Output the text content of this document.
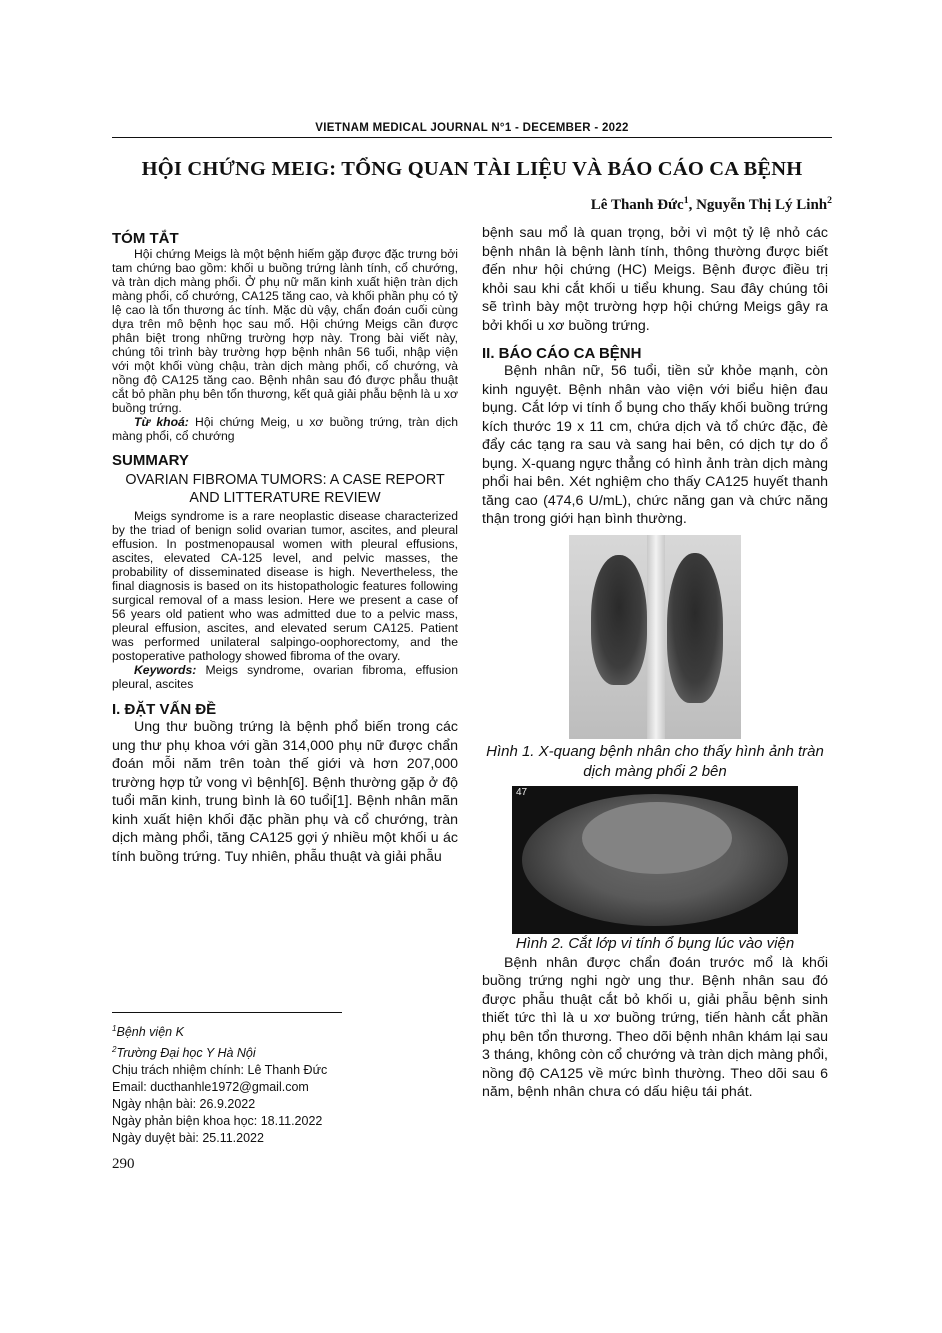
VIETNAM MEDICAL JOURNAL N°1 - DECEMBER - 2022
HỘI CHỨNG MEIG: TỔNG QUAN TÀI LIỆU VÀ BÁO CÁO CA BỆNH
Lê Thanh Đức$^1$, Nguyễn Thị Lý Linh$^2$
TÓM TẮT

Hội chứng Meigs là một bệnh hiếm gặp được đặc trưng bởi tam chứng bao gồm: khối u buồng trứng lành tính, cổ chướng, và tràn dịch màng phổi. Ở phụ nữ mãn kinh xuất hiện tràn dịch màng phổi, cổ chướng, CA125 tăng cao, và khối phần phụ có tỷ lệ cao là tổn thương ác tính. Mặc dù vậy, chẩn đoán cuối cùng dựa trên mô bệnh học sau mổ. Hội chứng Meigs cần được phân biệt trong những trường hợp này. Trong bài viết này, chúng tôi trình bày trường hợp bệnh nhân 56 tuổi, nhập viện với một khối vùng chậu, tràn dịch màng phổi, cổ chướng, và nồng độ CA125 tăng cao. Bệnh nhân sau đó được phẫu thuật cắt bỏ phần phụ bên tổn thương, kết quả giải phẫu bệnh là u xơ buồng trứng.

Từ khoá: Hội chứng Meig, u xơ buồng trứng, tràn dịch màng phổi, cổ chướng

SUMMARY

OVARIAN FIBROMA TUMORS: A CASE REPORT AND LITTERATURE REVIEW

Meigs syndrome is a rare neoplastic disease characterized by the triad of benign solid ovarian tumor, ascites, and pleural effusion. In postmenopausal women with pleural effusions, ascites, elevated CA-125 level, and pelvic masses, the probability of disseminated disease is high. Nevertheless, the final diagnosis is based on its histopathologic features following surgical removal of a mass lesion. Here we present a case of 56 years old patient who was admitted due to a pelvic mass, pleural effusion, ascites, and elevated serum CA125. Patient was performed unilateral salpingo-oophorectomy, and the postoperative pathology showed fibroma of the ovary.

Keywords: Meigs syndrome, ovarian fibroma, effusion pleural, ascites

I. ĐẶT VẤN ĐỀ

Ung thư buồng trứng là bệnh phổ biến trong các ung thư phụ khoa với gần 314,000 phụ nữ được chẩn đoán mỗi năm trên toàn thế giới và hơn 207,000 trường hợp tử vong vì bệnh[6]. Bệnh thường gặp ở độ tuổi mãn kinh, trung bình là 60 tuổi[1]. Bệnh nhân mãn kinh xuất hiện khối đặc phần phụ và cổ chướng, tràn dịch màng phổi, tăng CA125 gợi ý nhiều một khối u ác tính buồng trứng. Tuy nhiên, phẫu thuật và giải phẫu

$^1$Bệnh viện K
$^2$Trường Đại học Y Hà Nội
Chịu trách nhiệm chính: Lê Thanh Đức
Email: ducthanhle1972@gmail.com
Ngày nhận bài: 26.9.2022
Ngày phản biện khoa học: 18.11.2022
Ngày duyệt bài: 25.11.2022
290

bệnh sau mổ là quan trọng, bởi vì một tỷ lệ nhỏ các bệnh nhân là bệnh lành tính, thông thường được biết đến như hội chứng (HC) Meigs. Bệnh được điều trị khỏi sau khi cắt khối u tiểu khung. Sau đây chúng tôi sẽ trình bày một trường hợp hội chứng Meigs gây ra bởi khối u xơ buồng trứng.

II. BÁO CÁO CA BỆNH

Bệnh nhân nữ, 56 tuổi, tiền sử khỏe mạnh, còn kinh nguyệt. Bệnh nhân vào viện với biểu hiện đau bụng. Cắt lớp vi tính ổ bụng cho thấy khối buồng trứng kích thước 19 x 11 cm, chứa dịch và tổ chức đặc, đè đẩy các tạng ra sau và sang hai bên, có dịch tự do ổ bụng. X-quang ngực thẳng có hình ảnh tràn dịch màng phổi hai bên. Xét nghiệm cho thấy CA125 huyết thanh tăng cao (474,6 U/mL), chức năng gan và chức năng thận trong giới hạn bình thường.

Hình 1. X-quang bệnh nhân cho thấy hình ảnh tràn dịch màng phổi 2 bên
47
Hình 2. Cắt lớp vi tính ổ bụng lúc vào viện

Bệnh nhân được chẩn đoán trước mổ là khối buồng trứng nghi ngờ ung thư. Bệnh nhân sau đó được phẫu thuật cắt bỏ khối u, giải phẫu bệnh sinh thiết tức thì là u xơ buồng trứng, tiến hành cắt phần phụ bên tổn thương. Theo dõi bệnh nhân khám lại sau 3 tháng, không còn cổ chướng và tràn dịch màng phổi, nồng độ CA125 về mức bình thường. Theo dõi sau 6 năm, bệnh nhân chưa có dấu hiệu tái phát.
